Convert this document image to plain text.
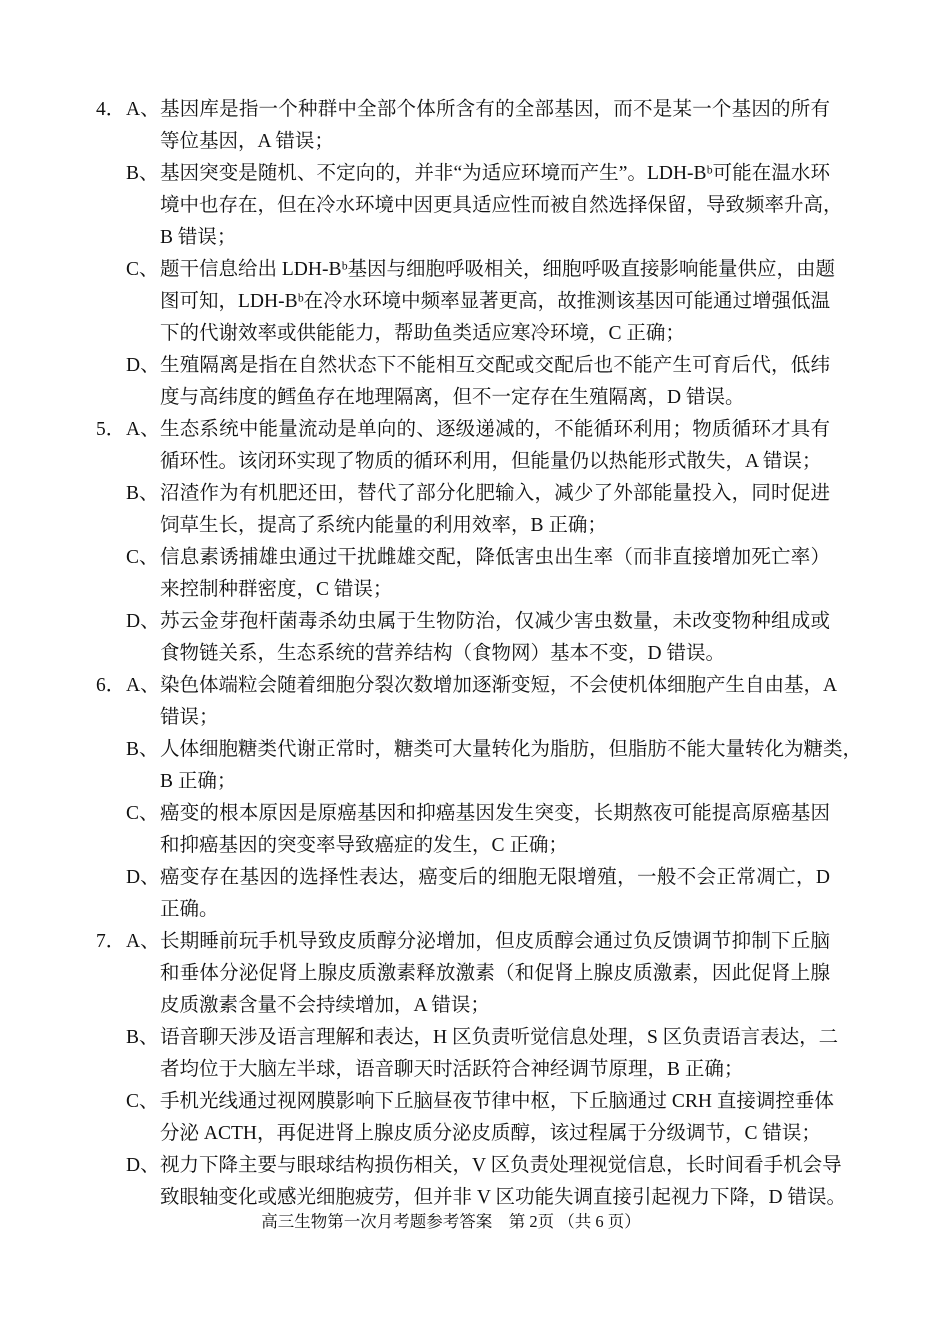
4． A、 基因库是指一个种群中全部个体所含有的全部基因，而不是某一个基因的所有
等位基因，A 错误；
B、 基因突变是随机、不定向的，并非“为适应环境而产生”。LDH-Bᵇ可能在温水环
境中也存在，但在冷水环境中因更具适应性而被自然选择保留，导致频率升高，
B 错误；
C、 题干信息给出 LDH-Bᵇ基因与细胞呼吸相关，细胞呼吸直接影响能量供应，由题
图可知，LDH-Bᵇ在冷水环境中频率显著更高，故推测该基因可能通过增强低温
下的代谢效率或供能能力，帮助鱼类适应寒冷环境，C 正确；
D、 生殖隔离是指在自然状态下不能相互交配或交配后也不能产生可育后代，低纬
度与高纬度的鳕鱼存在地理隔离，但不一定存在生殖隔离，D 错误。
5． A、 生态系统中能量流动是单向的、逐级递减的，不能循环利用；物质循环才具有
循环性。该闭环实现了物质的循环利用，但能量仍以热能形式散失，A 错误；
B、 沼渣作为有机肥还田，替代了部分化肥输入，减少了外部能量投入，同时促进
饲草生长，提高了系统内能量的利用效率，B 正确；
C、 信息素诱捕雄虫通过干扰雌雄交配，降低害虫出生率（而非直接增加死亡率）
来控制种群密度，C 错误；
D、 苏云金芽孢杆菌毒杀幼虫属于生物防治，仅减少害虫数量，未改变物种组成或
食物链关系，生态系统的营养结构（食物网）基本不变，D 错误。
6． A、 染色体端粒会随着细胞分裂次数增加逐渐变短，不会使机体细胞产生自由基，A
错误；
B、 人体细胞糖类代谢正常时，糖类可大量转化为脂肪，但脂肪不能大量转化为糖类，
B 正确；
C、 癌变的根本原因是原癌基因和抑癌基因发生突变，长期熬夜可能提高原癌基因
和抑癌基因的突变率导致癌症的发生，C 正确；
D、 癌变存在基因的选择性表达，癌变后的细胞无限增殖，一般不会正常凋亡，D
正确。
7． A、 长期睡前玩手机导致皮质醇分泌增加，但皮质醇会通过负反馈调节抑制下丘脑
和垂体分泌促肾上腺皮质激素释放激素（和促肾上腺皮质激素，因此促肾上腺
皮质激素含量不会持续增加，A 错误；
B、 语音聊天涉及语言理解和表达，H 区负责听觉信息处理，S 区负责语言表达，二
者均位于大脑左半球，语音聊天时活跃符合神经调节原理，B 正确；
C、 手机光线通过视网膜影响下丘脑昼夜节律中枢，下丘脑通过 CRH 直接调控垂体
分泌 ACTH，再促进肾上腺皮质分泌皮质醇，该过程属于分级调节，C 错误；
D、 视力下降主要与眼球结构损伤相关，V 区负责处理视觉信息，长时间看手机会导
致眼轴变化或感光细胞疲劳，但并非 V 区功能失调直接引起视力下降，D 错误。
高三生物第一次月考题参考答案　第 2页 （共 6 页）
